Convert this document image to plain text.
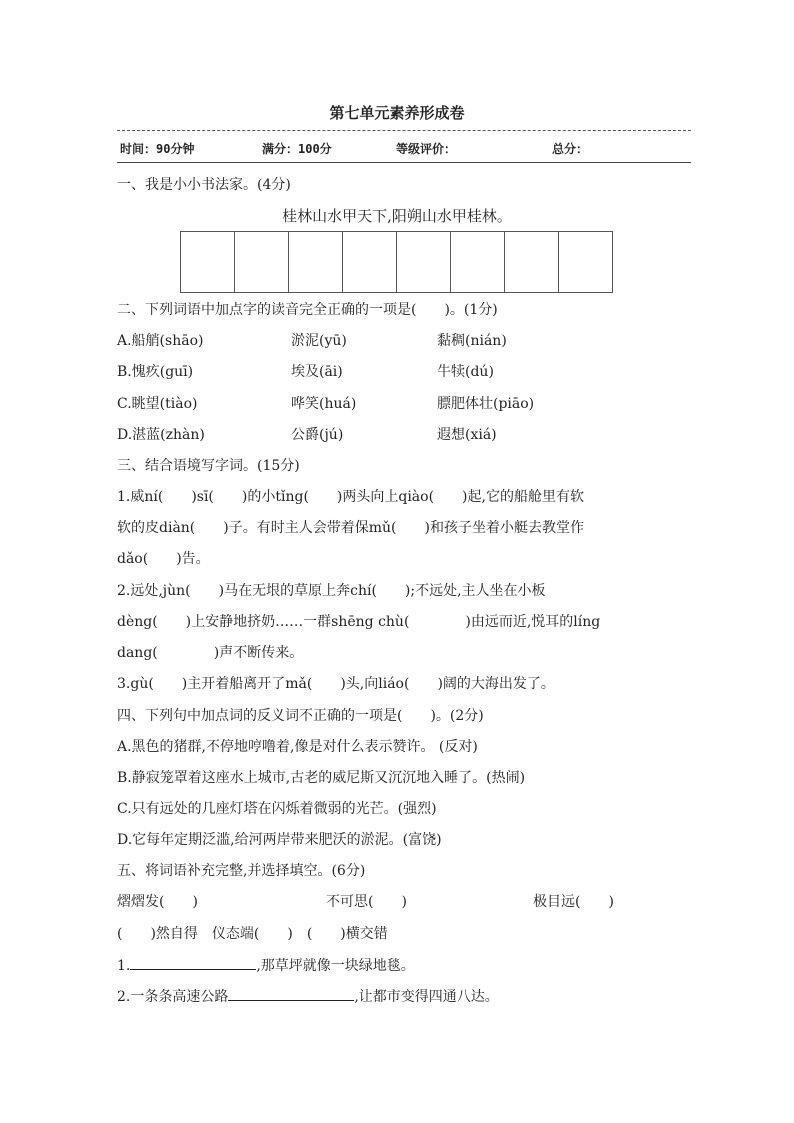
第七单元素养形成卷
时间：90分钟	满分：100分	等级评价：	总分：
一、我是小小书法家。(4分)
桂林山水甲天下,阳朔山水甲桂林。
二、下列词语中加点字的读音完全正确的一项是(　　)。(1分)
A.船艄(shāo)	淤泥(yū)	黏稠(nián)
B.愧疚(guī)	埃及(āi)	牛犊(dú)
C.眺望(tiào)	哗笑(huá)	膘肥体壮(piāo)
D.湛蓝(zhàn)	公爵(jú)	遐想(xiá)
三、结合语境写字词。(15分)
1.威ní(　　)sī(　　)的小tǐng(　　)两头向上qiào(　　)起,它的船舱里有软
软的皮diàn(　　)子。有时主人会带着保mǔ(　　)和孩子坐着小艇去教堂作
dǎo(　　)告。
2.远处,jùn(　　)马在无垠的草原上奔chí(　　);不远处,主人坐在小板
dèng(　　)上安静地挤奶……一群shēng chù(　　　　)由远而近,悦耳的líng
dang(　　　　)声不断传来。
3.gù(　　)主开着船离开了mǎ(　　)头,向liáo(　　)阔的大海出发了。
四、下列句中加点词的反义词不正确的一项是(　　)。(2分)
A.黑色的猪群,不停地哼噜着,像是对什么表示赞许。 (反对)
B.静寂笼罩着这座水上城市,古老的威尼斯又沉沉地入睡了。(热闹)
C.只有远处的几座灯塔在闪烁着微弱的光芒。(强烈)
D.它每年定期泛滥,给河两岸带来肥沃的淤泥。(富饶)
五、将词语补充完整,并选择填空。(6分)
熠熠发(　　)	不可思(　　)	极目远(　　)
(　　)然自得　仪态端(　　)　(　　)横交错
1.	,那草坪就像一块绿地毯。
2.一条条高速公路	,让都市变得四通八达。
